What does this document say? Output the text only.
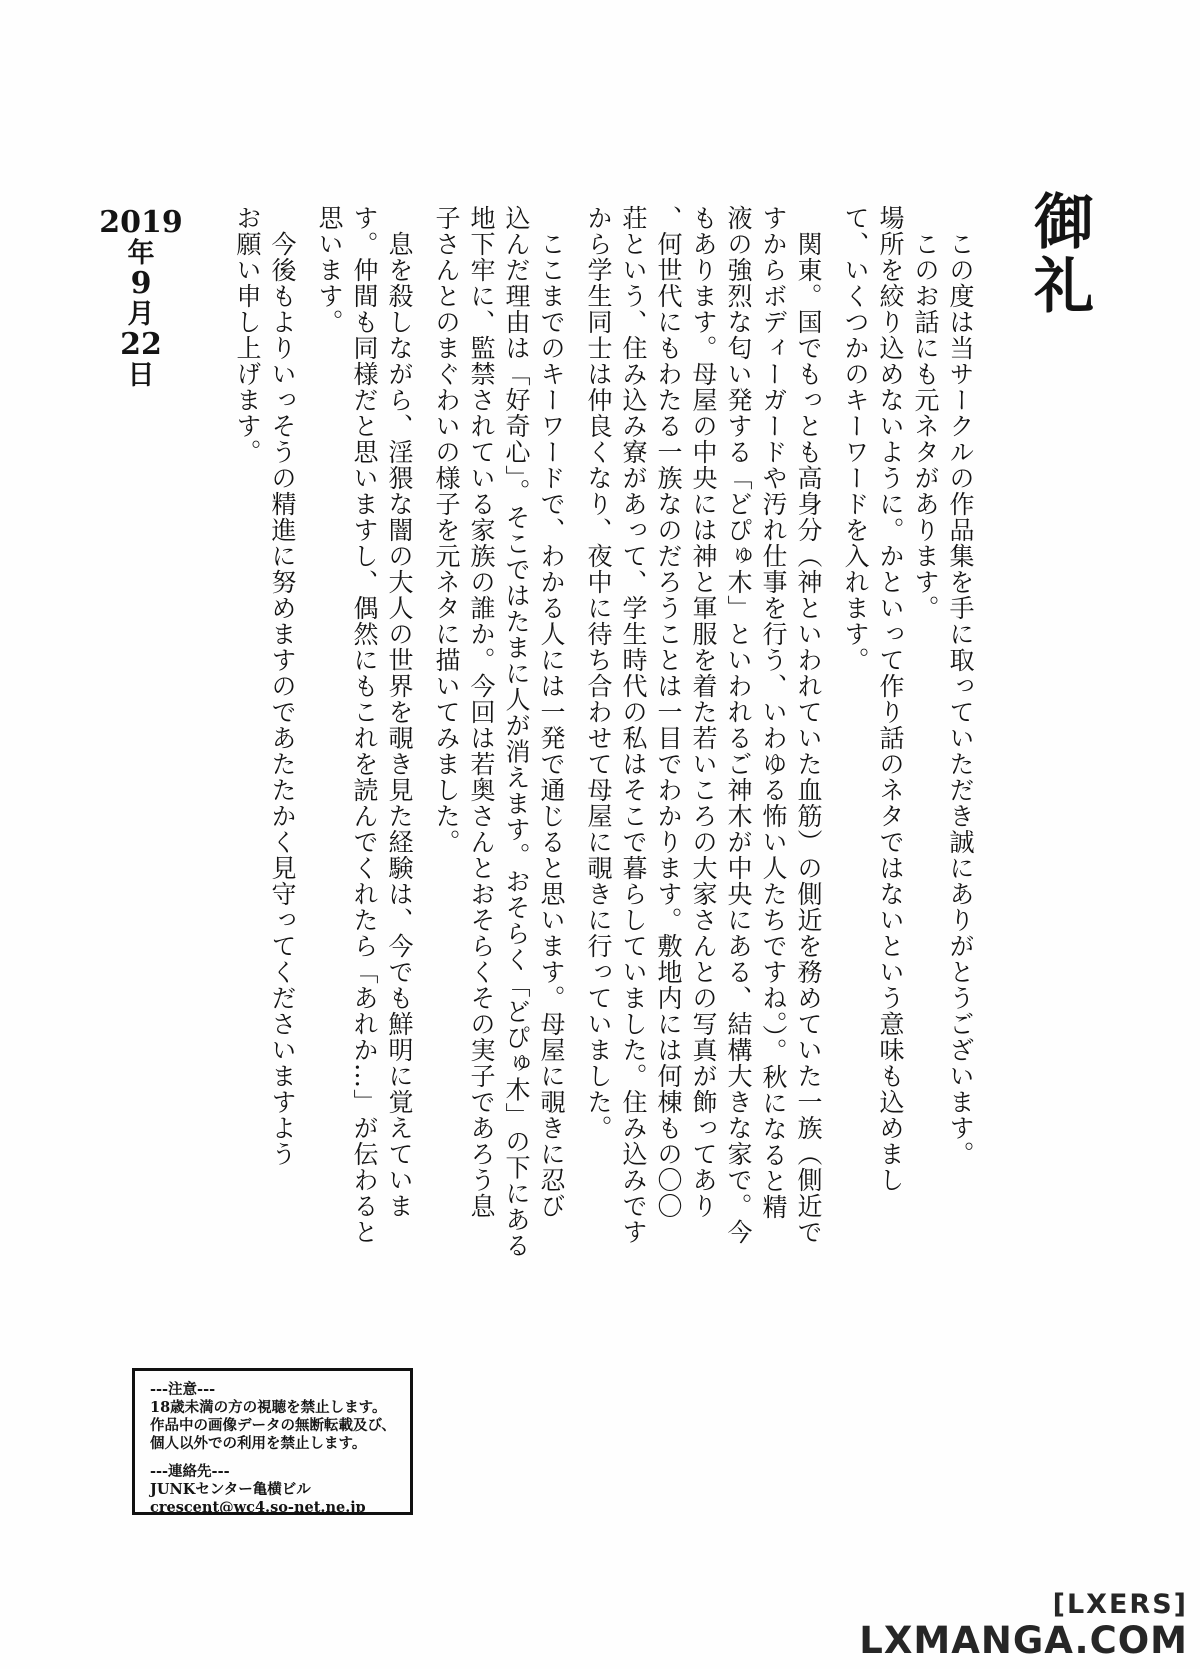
御礼
　この度は当サークルの作品集を手に取っていただき誠にありがとうございます。
　このお話にも元ネタがあります。
場所を絞り込めないように。かといって作り話のネタではないという意味も込めまし
て、いくつかのキーワードを入れます。
　関東。国でもっとも高身分（神といわれていた血筋）の側近を務めていた一族（側近で
すからボディーガードや汚れ仕事を行う、いわゆる怖い人たちですね。）。秋になると精
液の強烈な匂い発する「どぴゅ木」といわれるご神木が中央にある、結構大きな家で。今
もあります。母屋の中央には神と軍服を着た若いころの大家さんとの写真が飾ってあり
、何世代にもわたる一族なのだろうことは一目でわかります。敷地内には何棟もの〇〇
荘という、住み込み寮があって、学生時代の私はそこで暮らしていました。住み込みです
から学生同士は仲良くなり、夜中に待ち合わせて母屋に覗きに行っていました。
　ここまでのキーワードで、わかる人には一発で通じると思います。母屋に覗きに忍び
込んだ理由は「好奇心」。そこではたまに人が消えます。おそらく「どぴゅ木」の下にある
地下牢に、監禁されている家族の誰か。今回は若奥さんとおそらくその実子であろう息
子さんとのまぐわいの様子を元ネタに描いてみました。
　息を殺しながら、淫猥な闇の大人の世界を覗き見た経験は、今でも鮮明に覚えていま
す。仲間も同様だと思いますし、偶然にもこれを読んでくれたら「あれか…」が伝わると
思います。
　今後もよりいっそうの精進に努めますのであたたかく見守ってくださいますよう
お願い申し上げます。
2019
年
9
月
22
日
---注意---
18歳未満の方の視聴を禁止します。
作品中の画像データの無断転載及び、
個人以外での利用を禁止します。
---連絡先---
JUNKセンター亀横ビル
crescent@wc4.so-net.ne.jp
[LXERS]
LXMANGA.COM
